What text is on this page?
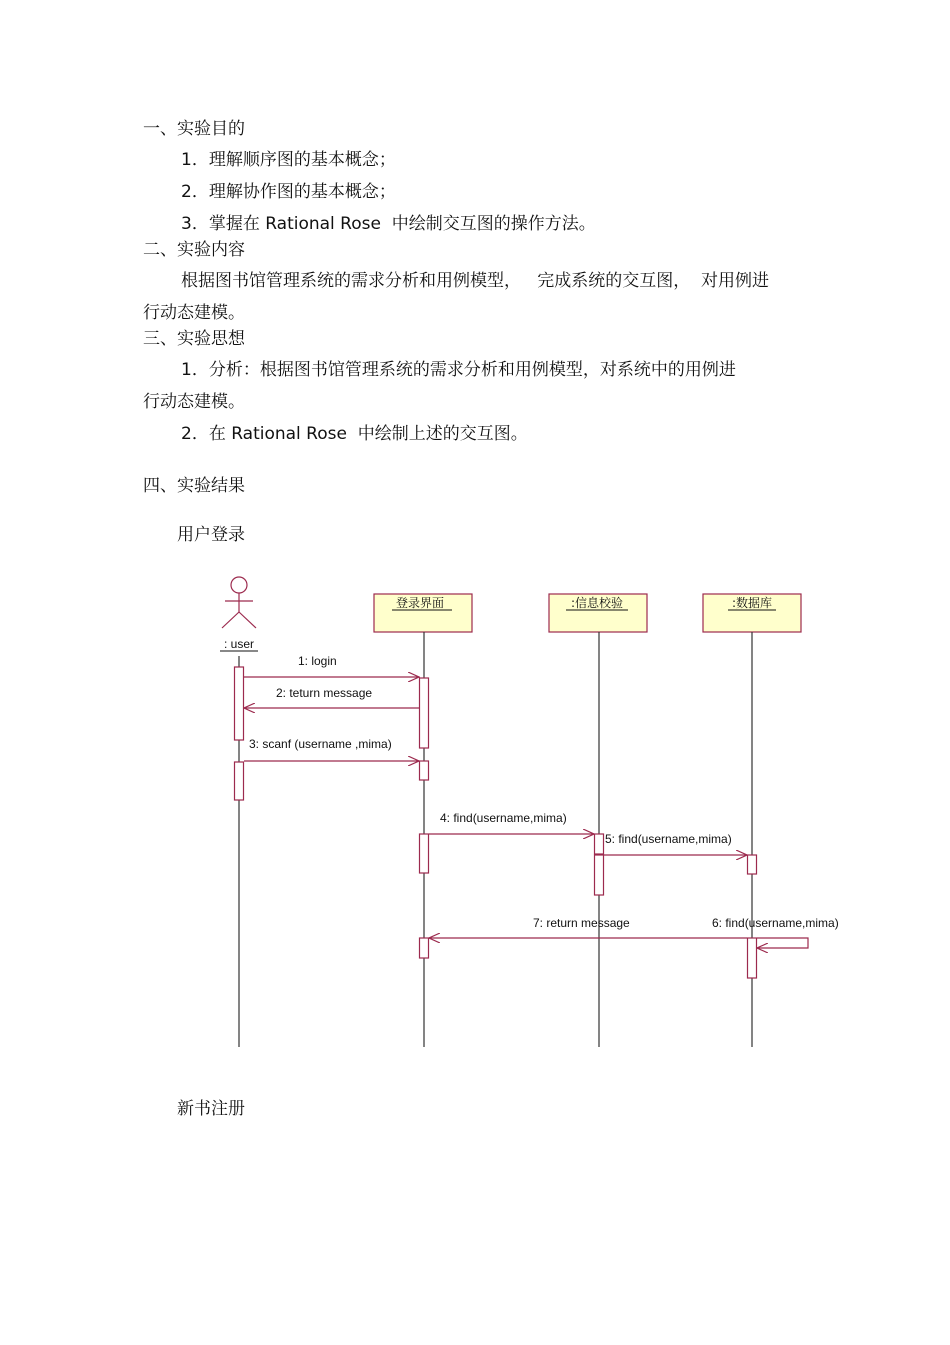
一、实验目的
1．理解顺序图的基本概念；
2．理解协作图的基本概念；
3．掌握在 Rational Rose  中绘制交互图的操作方法。
二、实验内容
根据图书馆管理系统的需求分析和用例模型，   完成系统的交互图，  对用例进
行动态建模。
三、实验思想
1．分析：根据图书馆管理系统的需求分析和用例模型，对系统中的用例进
行动态建模。
2．在 Rational Rose  中绘制上述的交互图。
四、实验结果
用户登录
新书注册
: user
登录界面	:信息校验	:数据库
1: login
2: teturn message
3: scanf (username ,mima)
4: find(username,mima)
5: find(username,mima)
6: find(username,mima)
7: return message
